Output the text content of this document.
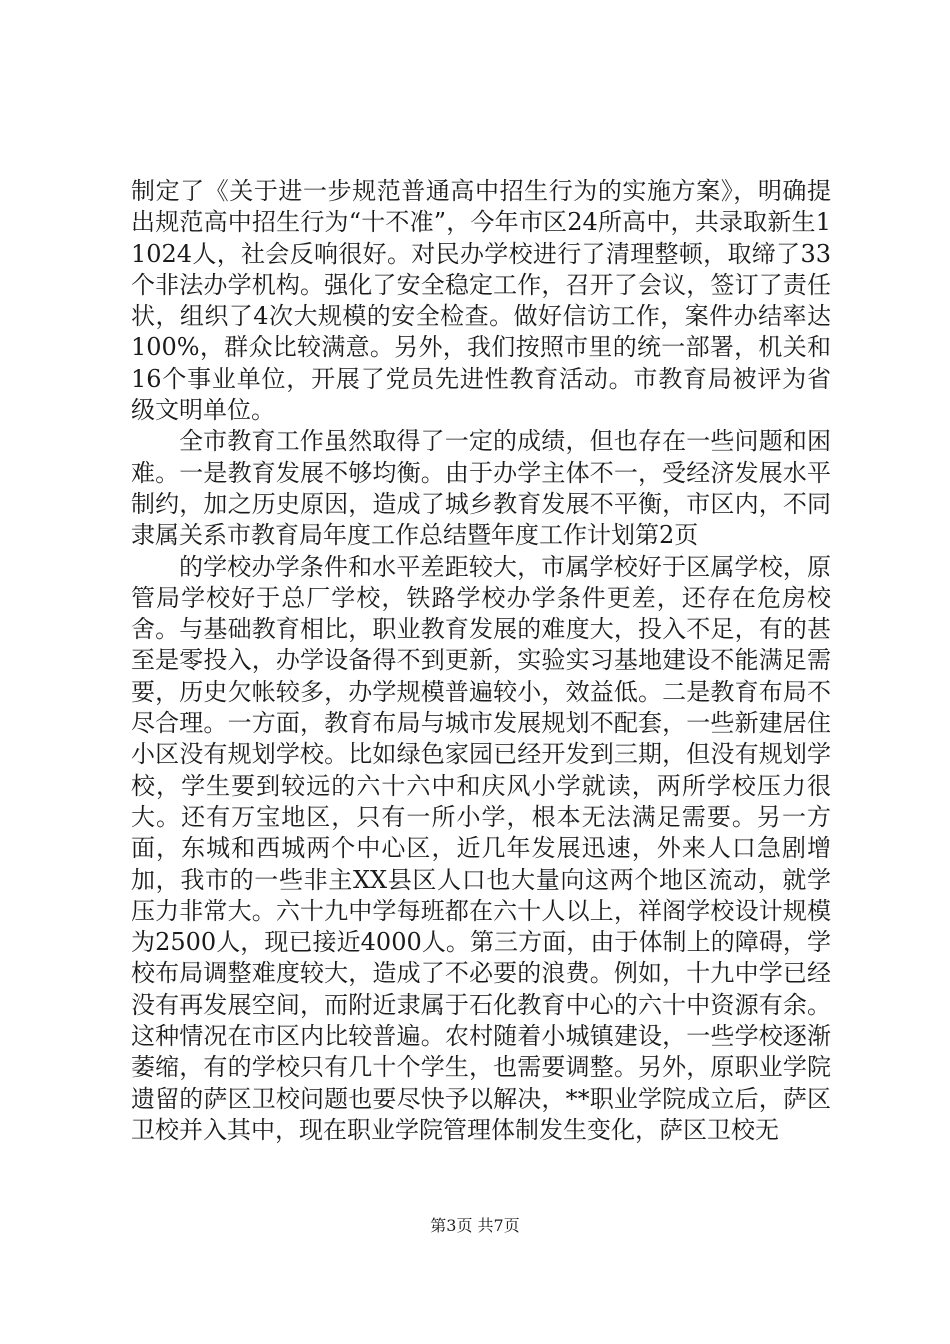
制定了《关于进一步规范普通高中招生行为的实施方案》，明确提出规范高中招生行为“十不准”，今年市区24所高中，共录取新生11024人，社会反响很好。对民办学校进行了清理整顿，取缔了33个非法办学机构。强化了安全稳定工作，召开了会议，签订了责任状，组织了4次大规模的安全检查。做好信访工作，案件办结率达100%，群众比较满意。另外，我们按照市里的统一部署，机关和16个事业单位，开展了党员先进性教育活动。市教育局被评为省级文明单位。

全市教育工作虽然取得了一定的成绩，但也存在一些问题和困难。一是教育发展不够均衡。由于办学主体不一，受经济发展水平制约，加之历史原因，造成了城乡教育发展不平衡，市区内，不同隶属关系市教育局年度工作总结暨年度工作计划第2页

的学校办学条件和水平差距较大，市属学校好于区属学校，原管局学校好于总厂学校，铁路学校办学条件更差，还存在危房校舍。与基础教育相比，职业教育发展的难度大，投入不足，有的甚至是零投入，办学设备得不到更新，实验实习基地建设不能满足需要，历史欠帐较多，办学规模普遍较小，效益低。二是教育布局不尽合理。一方面，教育布局与城市发展规划不配套，一些新建居住小区没有规划学校。比如绿色家园已经开发到三期，但没有规划学校，学生要到较远的六十六中和庆风小学就读，两所学校压力很大。还有万宝地区，只有一所小学，根本无法满足需要。另一方面，东城和西城两个中心区，近几年发展迅速，外来人口急剧增加，我市的一些非主XX县区人口也大量向这两个地区流动，就学压力非常大。六十九中学每班都在六十人以上，祥阁学校设计规模为2500人，现已接近4000人。第三方面，由于体制上的障碍，学校布局调整难度较大，造成了不必要的浪费。例如，十九中学已经没有再发展空间，而附近隶属于石化教育中心的六十中资源有余。这种情况在市区内比较普遍。农村随着小城镇建设，一些学校逐渐萎缩，有的学校只有几十个学生，也需要调整。另外，原职业学院遗留的萨区卫校问题也要尽快予以解决，**职业学院成立后，萨区卫校并入其中，现在职业学院管理体制发生变化，萨区卫校无

第3页 共7页
